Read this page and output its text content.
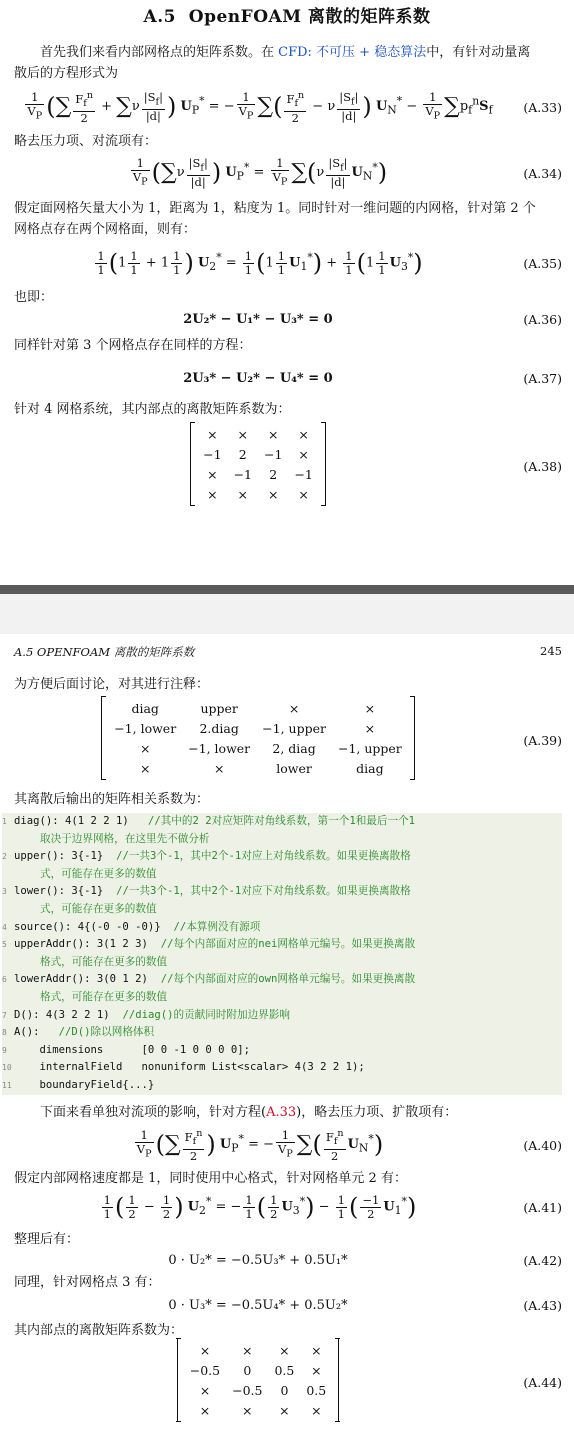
A.5 OpenFOAM 离散的矩阵系数
首先我们来看内部网格点的矩阵系数。在 CFD: 不可压 + 稳态算法中，有针对动量离
散后的方程形式为
$\frac{1}{V_P}$ (∑ $\frac{F_f^n}{2} + \sum\nu \frac{|S_f|}{|d|}$ ) $U_P^*$ = − $\frac{1}{V_P}$ ∑( $\frac{F_f^n}{2} - \nu \frac{|S_f|}{|d|}$ ) $U_N^* - \frac{1}{V_P} \sum p_f^nS_f$	(A.33)
略去压力项、对流项有：
$\frac{1}{V_P} (\sum\nu \frac{|S_f|}{|d|}$ ) $U_P^* = \frac{1}{V_P} \sum(\nu \frac{|S_f|}{|d|} U_N^*)$	(A.34)
假定面网格矢量大小为 1，距离为 1，粘度为 1。同时针对一维问题的内网格，针对第 2 个
网格点存在两个网格面，则有：
$\frac{1}{1} (1 \frac{1}{1} + 1 \frac{1}{1}$ ) $U_2^* = \frac{1}{1} (1 \frac{1}{1} U_1^*) + \frac{1}{1} (1 \frac{1}{1} U_3^*)$	(A.35)
也即：
2U₂* − U₁* − U₃* = 0	(A.36)
同样针对第 3 个网格点存在同样的方程：
2U₃* − U₂* − U₄* = 0	(A.37)
针对 4 网格系统，其内部点的离散矩阵系数为：
×	×	×	×
−1	2	−1	×
×	−1	2	−1
×	×	×	×
(A.38)
A.5 OPENFOAM 离散的矩阵系数	245
为方便后面讨论，对其进行注释：
diag	upper	×	×
−1, lower	2.diag	−1, upper	×
×	−1, lower	2, diag	−1, upper
×	×	lower	diag
(A.39)
其离散后输出的矩阵相关系数为：
1 diag(): 4(1 2 2 1)   //其中的2 2对应矩阵对角线系数，第一个1和最后一个1
取决于边界网格，在这里先不做分析
2 upper(): 3{-1}  //一共3个-1，其中2个-1对应上对角线系数。如果更换离散格
式，可能存在更多的数值
3 lower(): 3{-1}  //一共3个-1，其中2个-1对应下对角线系数。如果更换离散格
式，可能存在更多的数值
4 source(): 4{(-0 -0 -0)}  //本算例没有源项
5 upperAddr(): 3(1 2 3)  //每个内部面对应的nei网格单元编号。如果更换离散
格式，可能存在更多的数值
6 lowerAddr(): 3(0 1 2)  //每个内部面对应的own网格单元编号。如果更换离散
格式，可能存在更多的数值
7 D(): 4(3 2 2 1)  //diag()的贡献同时附加边界影响
8 A():   //D()除以网格体积
9    dimensions      [0 0 -1 0 0 0 0];
10    internalField   nonuniform List<scalar> 4(3 2 2 1);
11    boundaryField{...}
下面来看单独对流项的影响，针对方程(A.33)，略去压力项、扩散项有：
$\frac{1}{V_P}$ (∑ $\frac{F_f^n}{2}$ ) $U_P^*$ = − $\frac{1}{V_P}$ ∑( $\frac{F_f^n}{2} U_N^*$)	(A.40)
假定内部网格速度都是 1，同时使用中心格式，针对网格单元 2 有：
$\frac{1}{1}$ ( $\frac{1}{2} - \frac{1}{2}$ ) $U_2^*$ = − $\frac{1}{1}$ ( $\frac{1}{2} U_3^*) - \frac{1}{1}$ ( $\frac{-1}{2} U_1^*$)	(A.41)
整理后有：
0 · U₂* = −0.5U₃* + 0.5U₁*	(A.42)
同理，针对网格点 3 有：
0 · U₃* = −0.5U₄* + 0.5U₂*	(A.43)
其内部点的离散矩阵系数为：
×	×	×	×
−0.5	0	0.5	×
×	−0.5	0	0.5
×	×	×	×
(A.44)
